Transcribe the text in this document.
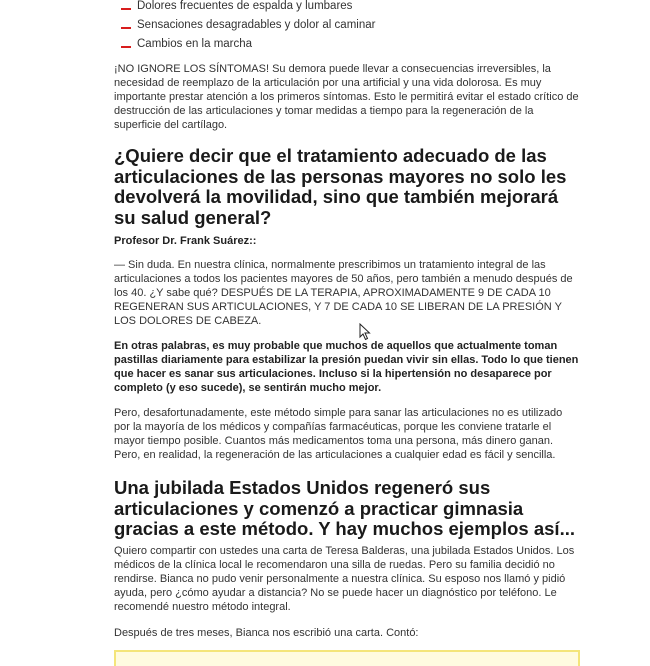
Dolores frecuentes de espalda y lumbares
Sensaciones desagradables y dolor al caminar
Cambios en la marcha

¡NO IGNORE LOS SÍNTOMAS! Su demora puede llevar a consecuencias irreversibles, la necesidad de reemplazo de la articulación por una artificial y una vida dolorosa. Es muy importante prestar atención a los primeros síntomas. Esto le permitirá evitar el estado crítico de destrucción de las articulaciones y tomar medidas a tiempo para la regeneración de la superficie del cartílago.

¿Quiere decir que el tratamiento adecuado de las articulaciones de las personas mayores no solo les devolverá la movilidad, sino que también mejorará su salud general?
Profesor Dr. Frank Suárez::

— Sin duda. En nuestra clínica, normalmente prescribimos un tratamiento integral de las articulaciones a todos los pacientes mayores de 50 años, pero también a menudo después de los 40. ¿Y sabe qué? DESPUÉS DE LA TERAPIA, APROXIMADAMENTE 9 DE CADA 10 REGENERAN SUS ARTICULACIONES, Y 7 DE CADA 10 SE LIBERAN DE LA PRESIÓN Y LOS DOLORES DE CABEZA.

En otras palabras, es muy probable que muchos de aquellos que actualmente toman pastillas diariamente para estabilizar la presión puedan vivir sin ellas. Todo lo que tienen que hacer es sanar sus articulaciones. Incluso si la hipertensión no desaparece por completo (y eso sucede), se sentirán mucho mejor.

Pero, desafortunadamente, este método simple para sanar las articulaciones no es utilizado por la mayoría de los médicos y compañías farmacéuticas, porque les conviene tratarle el mayor tiempo posible. Cuantos más medicamentos toma una persona, más dinero ganan. Pero, en realidad, la regeneración de las articulaciones a cualquier edad es fácil y sencilla.

Una jubilada Estados Unidos regeneró sus articulaciones y comenzó a practicar gimnasia gracias a este método. Y hay muchos ejemplos así...

Quiero compartir con ustedes una carta de Teresa Balderas, una jubilada Estados Unidos. Los médicos de la clínica local le recomendaron una silla de ruedas. Pero su familia decidió no rendirse. Bianca no pudo venir personalmente a nuestra clínica. Su esposo nos llamó y pidió ayuda, pero ¿cómo ayudar a distancia? No se puede hacer un diagnóstico por teléfono. Le recomendé nuestro método integral.

Después de tres meses, Bianca nos escribió una carta. Contó:
